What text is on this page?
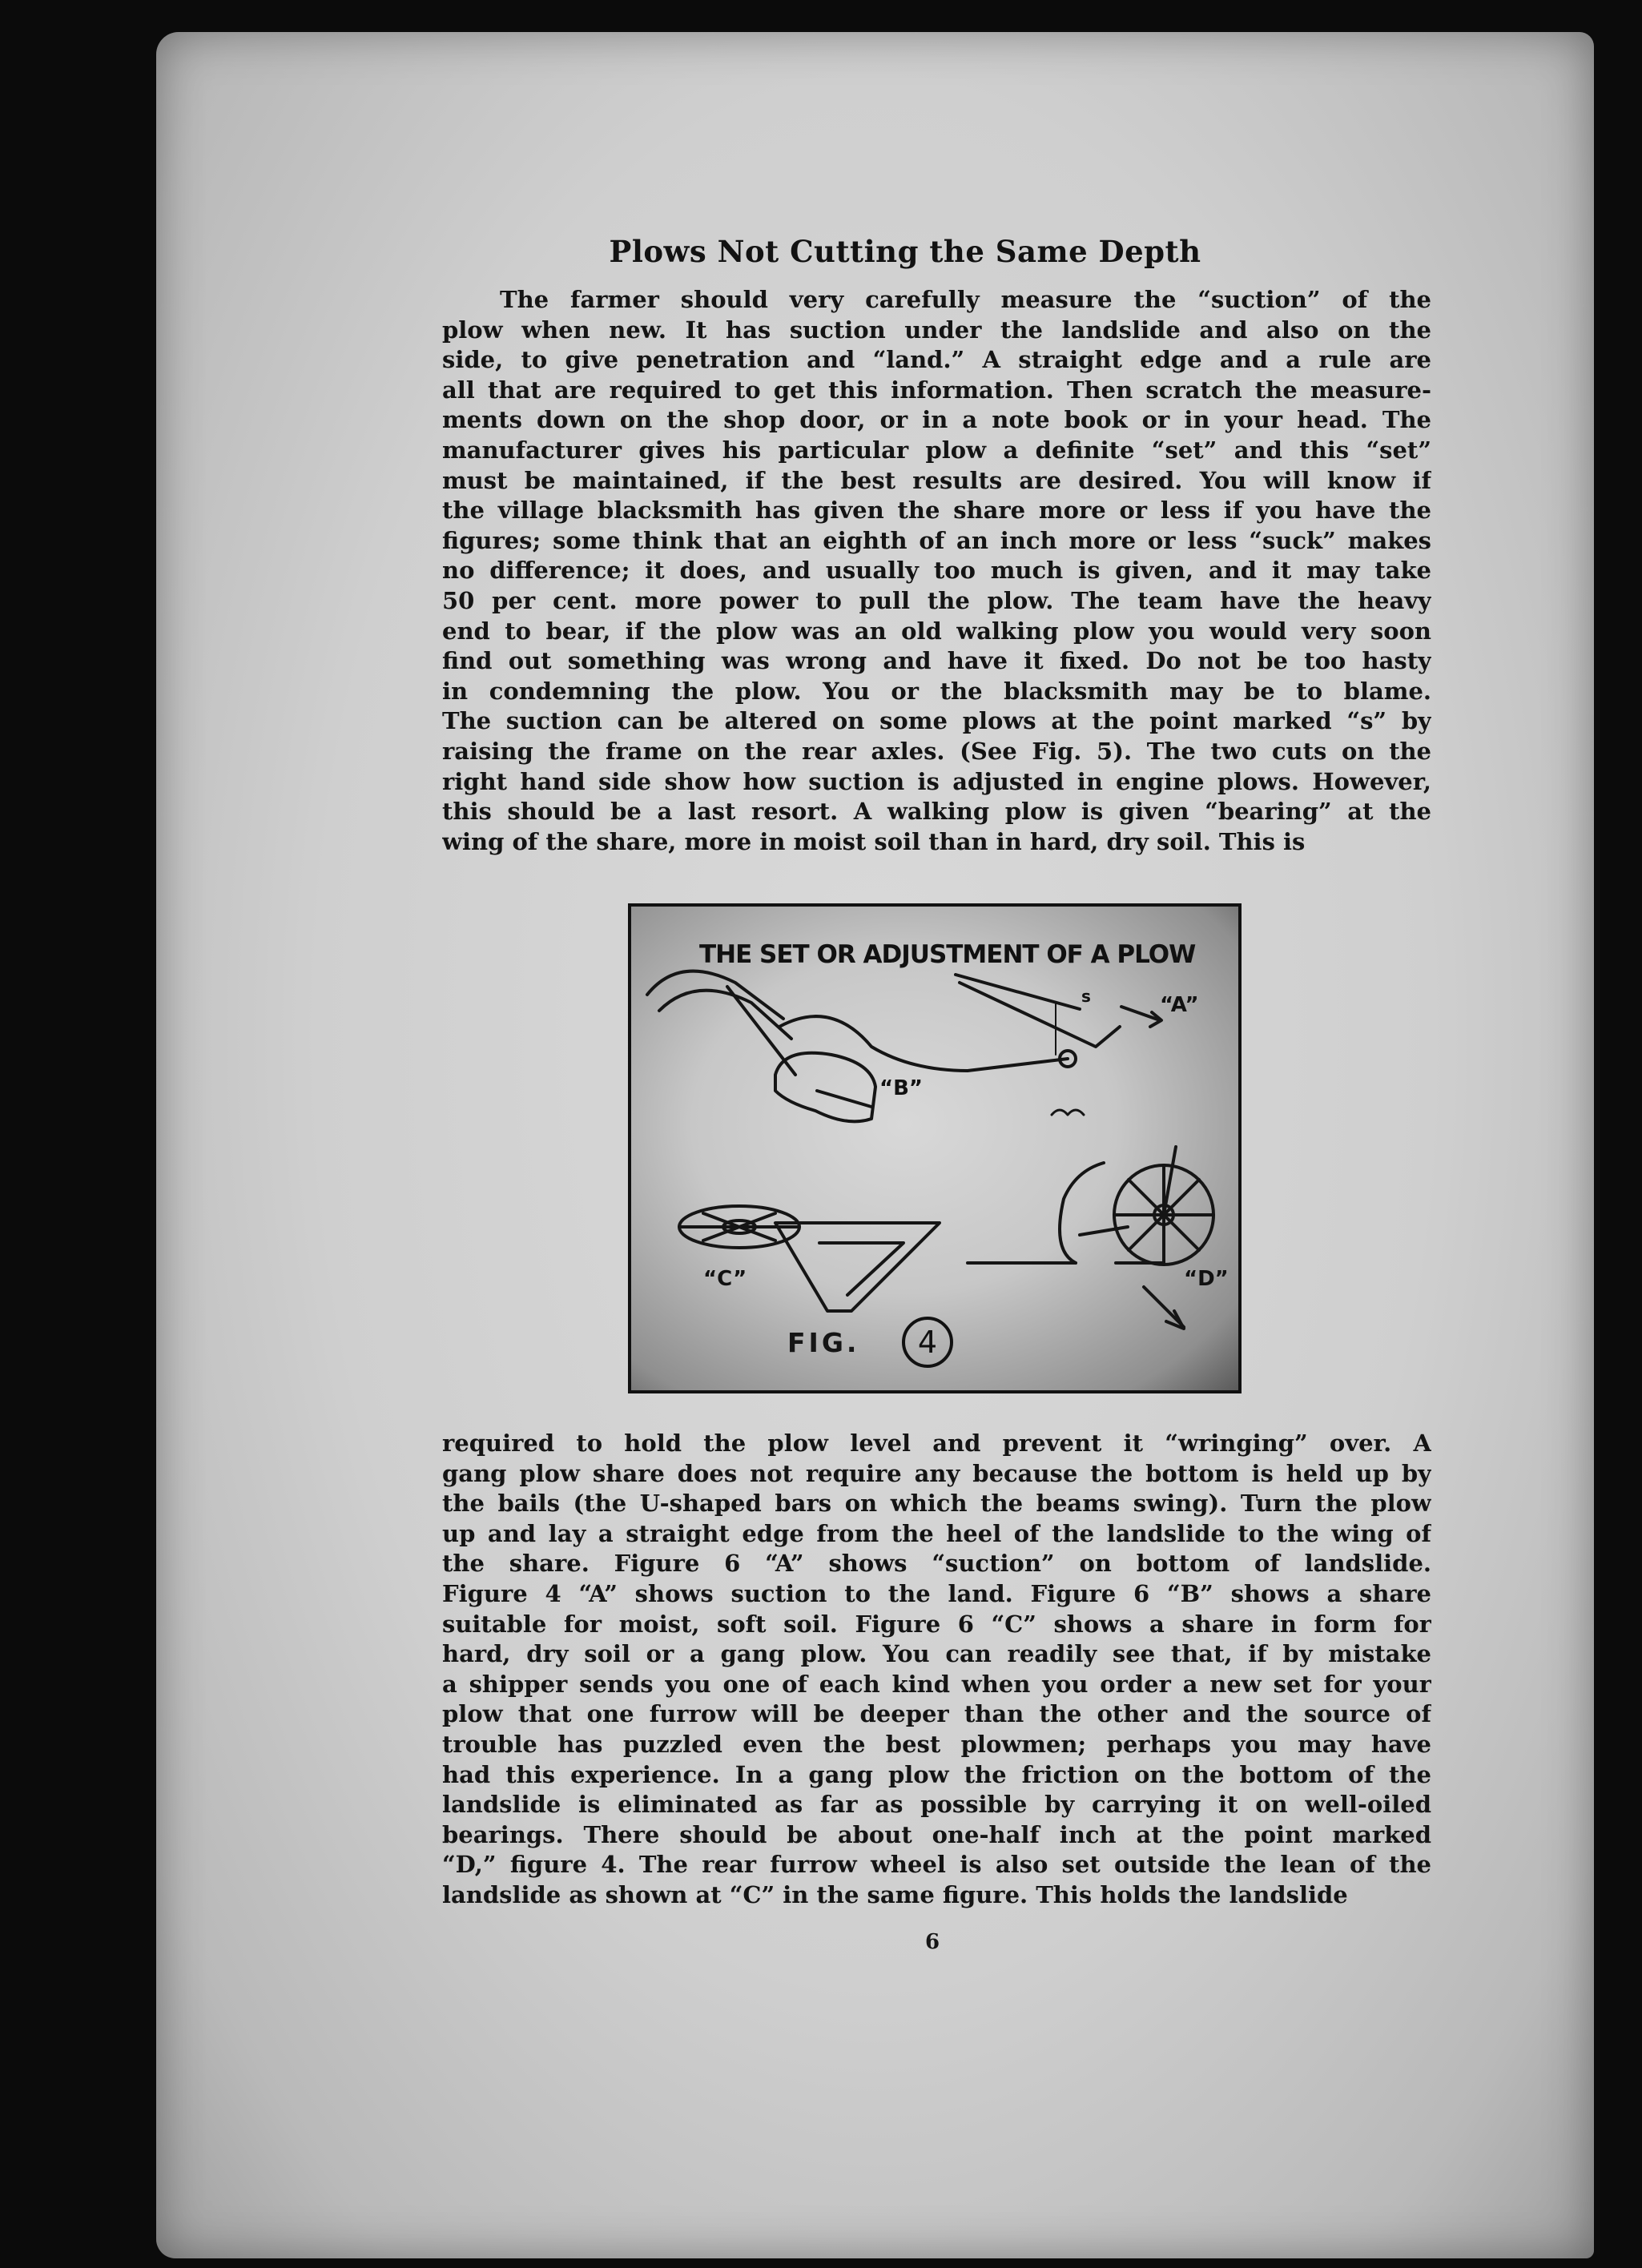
Plows Not Cutting the Same Depth
The farmer should very carefully measure the “suction” of the
plow when new. It has suction under the landslide and also on the
side, to give penetration and “land.” A straight edge and a rule are
all that are required to get this information. Then scratch the measure-
ments down on the shop door, or in a note book or in your head. The
manufacturer gives his particular plow a definite “set” and this “set”
must be maintained, if the best results are desired. You will know if
the village blacksmith has given the share more or less if you have the
figures; some think that an eighth of an inch more or less “suck” makes
no difference; it does, and usually too much is given, and it may take
50 per cent. more power to pull the plow. The team have the heavy
end to bear, if the plow was an old walking plow you would very soon
find out something was wrong and have it fixed. Do not be too hasty
in condemning the plow. You or the blacksmith may be to blame.
The suction can be altered on some plows at the point marked “s” by
raising the frame on the rear axles. (See Fig. 5). The two cuts on the
right hand side show how suction is adjusted in engine plows. However,
this should be a last resort. A walking plow is given “bearing” at the
wing of the share, more in moist soil than in hard, dry soil. This is
THE SET OR ADJUSTMENT OF A PLOW
“A”
“B”
“C”	“D”
s
FIG.	4
required to hold the plow level and prevent it “wringing” over. A
gang plow share does not require any because the bottom is held up by
the bails (the U-shaped bars on which the beams swing). Turn the plow
up and lay a straight edge from the heel of the landslide to the wing of
the share. Figure 6 “A” shows “suction” on bottom of landslide.
Figure 4 “A” shows suction to the land. Figure 6 “B” shows a share
suitable for moist, soft soil. Figure 6 “C” shows a share in form for
hard, dry soil or a gang plow. You can readily see that, if by mistake
a shipper sends you one of each kind when you order a new set for your
plow that one furrow will be deeper than the other and the source of
trouble has puzzled even the best plowmen; perhaps you may have
had this experience. In a gang plow the friction on the bottom of the
landslide is eliminated as far as possible by carrying it on well-oiled
bearings. There should be about one-half inch at the point marked
“D,” figure 4. The rear furrow wheel is also set outside the lean of the
landslide as shown at “C” in the same figure. This holds the landslide
6
